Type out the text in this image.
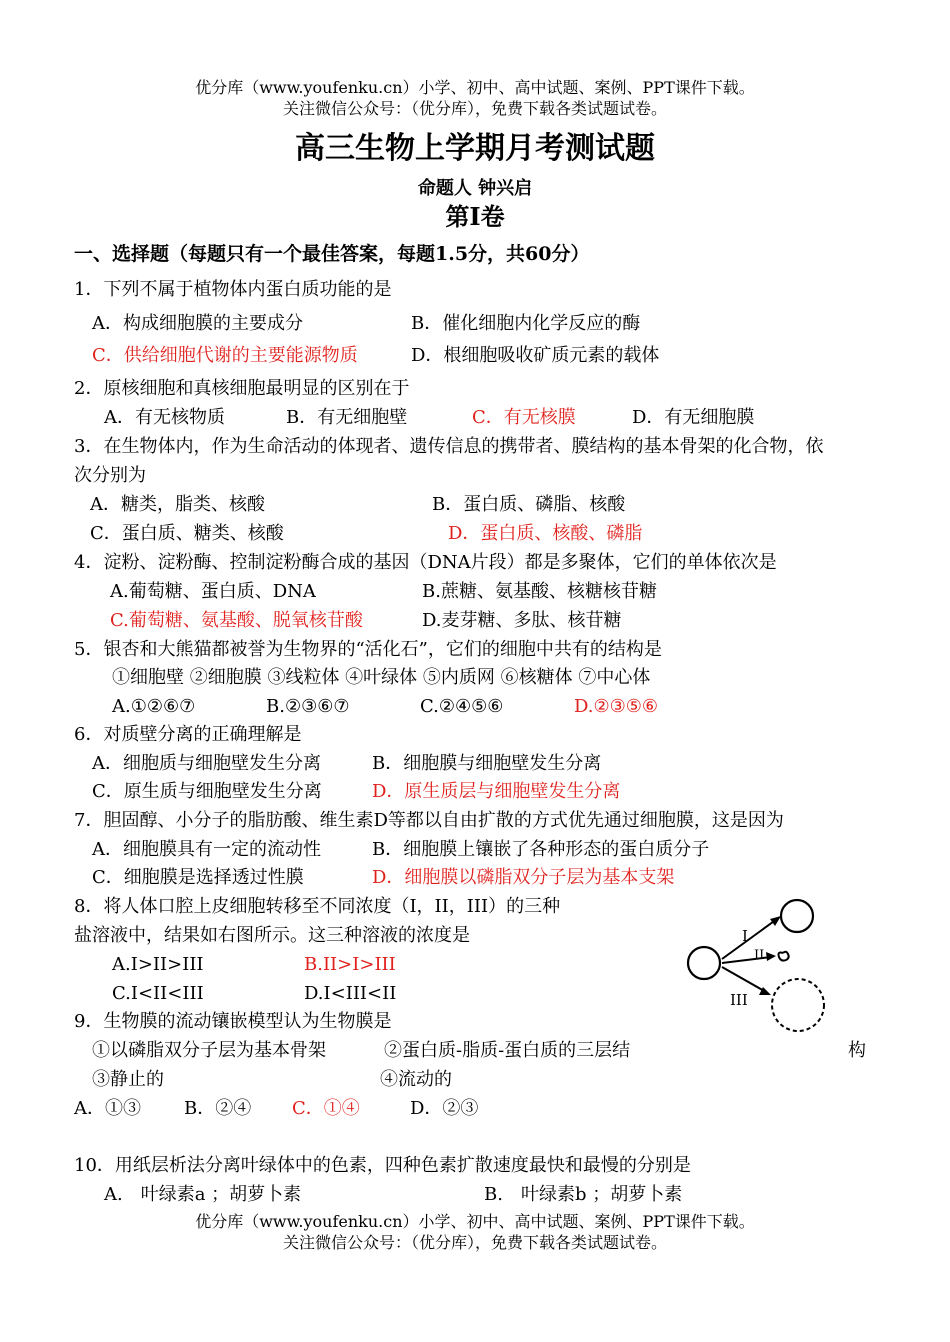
优分库（www.youfenku.cn）小学、初中、高中试题、案例、PPT课件下载。
关注微信公众号：（优分库），免费下载各类试题试卷。
高三生物上学期月考测试题
命题人 钟兴启
第Ⅰ卷
一、选择题（每题只有一个最佳答案，每题1.5分，共60分）
1．下列不属于植物体内蛋白质功能的是
A．构成细胞膜的主要成分	B．催化细胞内化学反应的酶
C．供给细胞代谢的主要能源物质	D．根细胞吸收矿质元素的载体
2．原核细胞和真核细胞最明显的区别在于
A．有无核物质	B．有无细胞壁	C．有无核膜	D．有无细胞膜
3．在生物体内，作为生命活动的体现者、遗传信息的携带者、膜结构的基本骨架的化合物，依
次分别为
A．糖类，脂类、核酸	B．蛋白质、磷脂、核酸
C．蛋白质、糖类、核酸	D．蛋白质、核酸、磷脂
4．淀粉、淀粉酶、控制淀粉酶合成的基因（DNA片段）都是多聚体，它们的单体依次是
A.葡萄糖、蛋白质、DNA	B.蔗糖、氨基酸、核糖核苷糖
C.葡萄糖、氨基酸、脱氧核苷酸	D.麦芽糖、多肽、核苷糖
5．银杏和大熊猫都被誉为生物界的“活化石”，它们的细胞中共有的结构是
①细胞壁 ②细胞膜 ③线粒体 ④叶绿体 ⑤内质网 ⑥核糖体 ⑦中心体
A.①②⑥⑦	B.②③⑥⑦	C.②④⑤⑥	D.②③⑤⑥
6．对质壁分离的正确理解是
A．细胞质与细胞壁发生分离	B．细胞膜与细胞壁发生分离
C．原生质与细胞壁发生分离	D．原生质层与细胞壁发生分离
7．胆固醇、小分子的脂肪酸、维生素D等都以自由扩散的方式优先通过细胞膜，这是因为
A．细胞膜具有一定的流动性	B．细胞膜上镶嵌了各种形态的蛋白质分子
C．细胞膜是选择透过性膜	D．细胞膜以磷脂双分子层为基本支架
8．将人体口腔上皮细胞转移至不同浓度（I，II，III）的三种
盐溶液中，结果如右图所示。这三种溶液的浓度是
A.I>II>III	B.II>I>III
C.I<II<III	D.I<III<II
I
II
III
9．生物膜的流动镶嵌模型认为生物膜是
①以磷脂双分子层为基本骨架	②蛋白质-脂质-蛋白质的三层结	构
③静止的	④流动的
A．①③ B．②④ C．①④	D．②③
10．用纸层析法分离叶绿体中的色素，四种色素扩散速度最快和最慢的分别是
A.　叶绿素a ；胡萝卜素	B.　叶绿素b ；胡萝卜素
优分库（www.youfenku.cn）小学、初中、高中试题、案例、PPT课件下载。
关注微信公众号：（优分库），免费下载各类试题试卷。
